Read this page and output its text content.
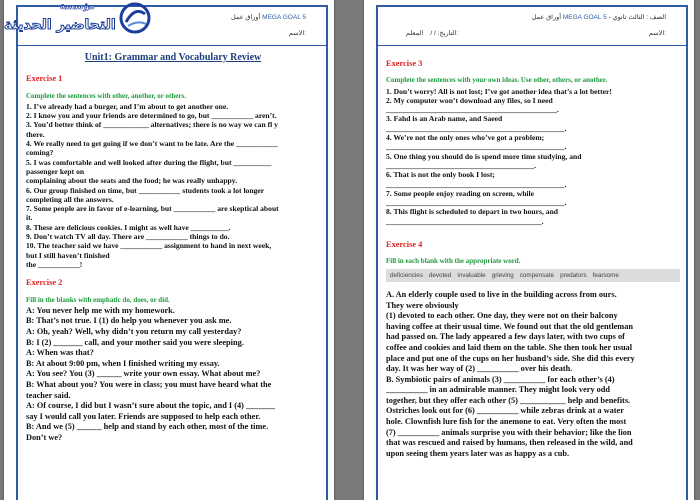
أوراق عمل MEGA GOAL 5
الاسم:
Unit1: Grammar and Vocabulary Review
Exercise 1
Complete the sentences with other, another, or others.

1. I’ve already had a burger, and I’m about to get another one.

2. I know you and your friends are determined to go, but ___________ aren’t.

3. You’d better think of ____________ alternatives; there is no way we can fl y

there.

4. We really need to get going if we don’t want to be late. Are the ___________

coming?

5. I was comfortable and well looked after during the flight, but __________

passenger kept on

complaining about the seats and the food; he was really unhappy.

6. Our group finished on time, but ___________ students took a lot longer

completing all the answers.

7. Some people are in favor of e-learning, but ___________ are skeptical about

it.

8. These are delicious cookies. I might as well have __________.

9. Don’t watch TV all day. There are ___________ things to do.

10. The teacher said we have ___________ assignment to hand in next week,

but I still haven’t finished

the ___________!

Exercise 2
Fill in the blanks with emphatic do, does, or did.

A: You never help me with my homework.

B: That’s not true. I (1) do help you whenever you ask me.

A: Oh, yeah? Well, why didn’t you return my call yesterday?

B: I (2) _______ call, and your mother said you were sleeping.

A: When was that?

B: At about 9:00 pm, when I finished writing my essay.

A: You see? You (3) ______ write your own essay. What about me?

B: What about you? You were in class; you must have heard what the

teacher said.

A: Of course, I did but I wasn’t sure about the topic, and I (4) _______

say I would call you later. Friends are supposed to help each other.

B: And we (5) ______ help and stand by each other, most of the time.

Don’t we?

مؤسسة
التحاضير الحديثة	أوراق عمل MEGA GOAL 5 - الصف : الثالث ثانوي
الاسم:
التاريخ: / /    المعلم:
Exercise 3
Complete the sentences with your own ideas. Use other, others, or another.

1. Don’t worry! All is not lost; I’ve got another idea that’s a lot better!

2. My computer won’t download any files, so I need

_____________________________________________.

3. Fahd is an Arab name, and Saeed

_______________________________________________.

4. We’re not the only ones who’ve got a problem;

_______________________________________________.

5. One thing you should do is spend more time studying, and

_______________________________________.

6. That is not the only book I lost;

_______________________________________________.

7. Some people enjoy reading on screen, while

_______________________________________________.

8. This flight is scheduled to depart in two hours, and

_________________________________________.

Exercise 4
Fill in each blank with the appropriate word.
deficiencies devoted invaluable grieving compensate predators fearsome

A. An elderly couple used to live in the building across from ours.

They were obviously

(1) devoted to each other. One day, they were not on their balcony

having coffee at their usual time. We found out that the old gentleman

had passed on. The lady appeared a few days later, with two cups of

coffee and cookies and laid them on the table. She then took her usual

place and put one of the cups on her husband’s side. She did this every

day. It was her way of (2) __________ over his death.

B. Symbiotic pairs of animals (3) __________ for each other’s (4)

__________ in an admirable manner. They might look very odd

together, but they offer each other (5) ___________ help and benefits.

Ostriches look out for (6) __________ while zebras drink at a water

hole. Clownfish lure fish for the anemone to eat. Very often the most

(7) __________ animals surprise you with their behavior; like the lion

that was rescued and raised by humans, then released in the wild, and

upon seeing them years later was as happy as a cub.
